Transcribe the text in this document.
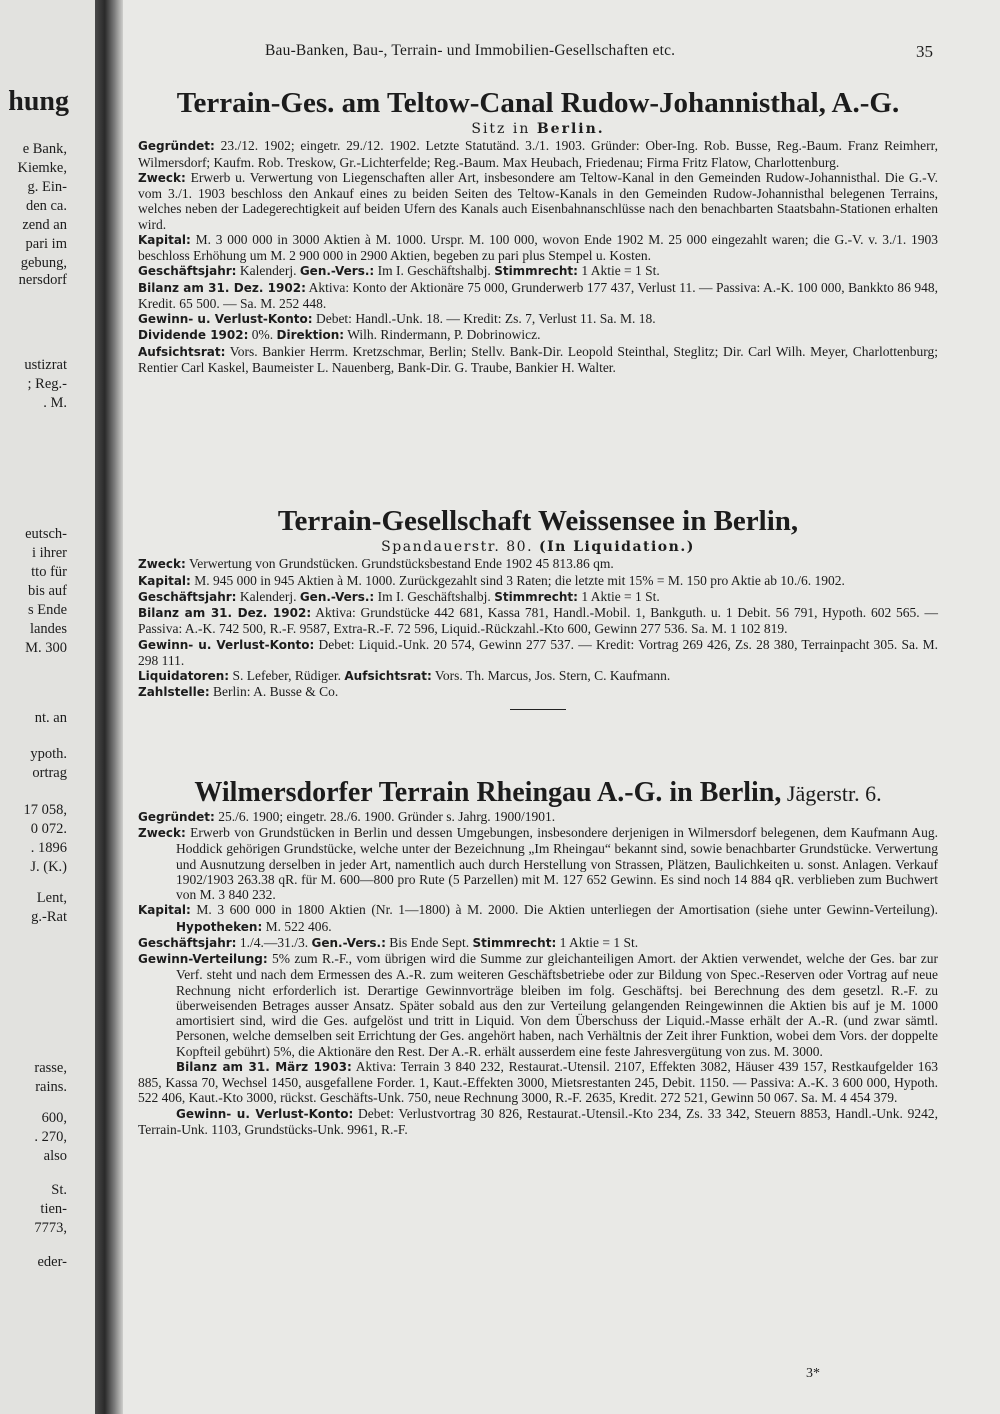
hung
e Bank,
Kiemke,
g. Ein-
den ca.
zend an
pari im
gebung,
nersdorf
ustizrat
; Reg.-
. M.
eutsch-
i ihrer
tto für
bis auf
s Ende
landes
M. 300
nt. an
ypoth.
ortrag
17 058,
0 072.
. 1896
J. (K.)
Lent,
g.-Rat
rasse,
rains.
600,
. 270,
also
St.
tien-
7773,
eder-
Bau-Banken, Bau-, Terrain- und Immobilien-Gesellschaften etc.	35
Terrain-Ges. am Teltow-Canal Rudow-Johannisthal, A.-G.
Sitz in Berlin.

Gegründet: 23./12. 1902; eingetr. 29./12. 1902. Letzte Statutänd. 3./1. 1903. Gründer: Ober-Ing. Rob. Busse, Reg.-Baum. Franz Reimherr, Wilmersdorf; Kaufm. Rob. Treskow, Gr.-Lichterfelde; Reg.-Baum. Max Heubach, Friedenau; Firma Fritz Flatow, Charlottenburg.

Zweck: Erwerb u. Verwertung von Liegenschaften aller Art, insbesondere am Teltow-Kanal in den Gemeinden Rudow-Johannisthal. Die G.-V. vom 3./1. 1903 beschloss den Ankauf eines zu beiden Seiten des Teltow-Kanals in den Gemeinden Rudow-Johannisthal belegenen Terrains, welches neben der Ladegerechtigkeit auf beiden Ufern des Kanals auch Eisenbahnanschlüsse nach den benachbarten Staatsbahn-Stationen erhalten wird.

Kapital: M. 3 000 000 in 3000 Aktien à M. 1000. Urspr. M. 100 000, wovon Ende 1902 M. 25 000 eingezahlt waren; die G.-V. v. 3./1. 1903 beschloss Erhöhung um M. 2 900 000 in 2900 Aktien, begeben zu pari plus Stempel u. Kosten.

Geschäftsjahr: Kalenderj. Gen.-Vers.: Im I. Geschäftshalbj. Stimmrecht: 1 Aktie = 1 St.

Bilanz am 31. Dez. 1902: Aktiva: Konto der Aktionäre 75 000, Grunderwerb 177 437, Verlust 11. — Passiva: A.-K. 100 000, Bankkto 86 948, Kredit. 65 500. — Sa. M. 252 448.

Gewinn- u. Verlust-Konto: Debet: Handl.-Unk. 18. — Kredit: Zs. 7, Verlust 11. Sa. M. 18.

Dividende 1902: 0%. Direktion: Wilh. Rindermann, P. Dobrinowicz.

Aufsichtsrat: Vors. Bankier Herrm. Kretzschmar, Berlin; Stellv. Bank-Dir. Leopold Steinthal, Steglitz; Dir. Carl Wilh. Meyer, Charlottenburg; Rentier Carl Kaskel, Baumeister L. Nauenberg, Bank-Dir. G. Traube, Bankier H. Walter.

Terrain-Gesellschaft Weissensee in Berlin,
Spandauerstr. 80. (In Liquidation.)

Zweck: Verwertung von Grundstücken. Grundstücksbestand Ende 1902 45 813.86 qm.

Kapital: M. 945 000 in 945 Aktien à M. 1000. Zurückgezahlt sind 3 Raten; die letzte mit 15% = M. 150 pro Aktie ab 10./6. 1902.

Geschäftsjahr: Kalenderj. Gen.-Vers.: Im I. Geschäftshalbj. Stimmrecht: 1 Aktie = 1 St.

Bilanz am 31. Dez. 1902: Aktiva: Grundstücke 442 681, Kassa 781, Handl.-Mobil. 1, Bankguth. u. 1 Debit. 56 791, Hypoth. 602 565. — Passiva: A.-K. 742 500, R.-F. 9587, Extra-R.-F. 72 596, Liquid.-Rückzahl.-Kto 600, Gewinn 277 536. Sa. M. 1 102 819.

Gewinn- u. Verlust-Konto: Debet: Liquid.-Unk. 20 574, Gewinn 277 537. — Kredit: Vortrag 269 426, Zs. 28 380, Terrainpacht 305. Sa. M. 298 111.

Liquidatoren: S. Lefeber, Rüdiger. Aufsichtsrat: Vors. Th. Marcus, Jos. Stern, C. Kaufmann.

Zahlstelle: Berlin: A. Busse & Co.

Wilmersdorfer Terrain Rheingau A.-G. in Berlin, Jägerstr. 6.

Gegründet: 25./6. 1900; eingetr. 28./6. 1900. Gründer s. Jahrg. 1900/1901.

Zweck: Erwerb von Grundstücken in Berlin und dessen Umgebungen, insbesondere derjenigen in Wilmersdorf belegenen, dem Kaufmann Aug. Hoddick gehörigen Grundstücke, welche unter der Bezeichnung „Im Rheingau“ bekannt sind, sowie benachbarter Grundstücke. Verwertung und Ausnutzung derselben in jeder Art, namentlich auch durch Herstellung von Strassen, Plätzen, Baulichkeiten u. sonst. Anlagen. Verkauf 1902/1903 263.38 qR. für M. 600—800 pro Rute (5 Parzellen) mit M. 127 652 Gewinn. Es sind noch 14 884 qR. verblieben zum Buchwert von M. 3 840 232.

Kapital: M. 3 600 000 in 1800 Aktien (Nr. 1—1800) à M. 2000. Die Aktien unterliegen der Amortisation (siehe unter Gewinn-Verteilung). Hypotheken: M. 522 406.

Geschäftsjahr: 1./4.—31./3. Gen.-Vers.: Bis Ende Sept. Stimmrecht: 1 Aktie = 1 St.

Gewinn-Verteilung: 5% zum R.-F., vom übrigen wird die Summe zur gleichanteiligen Amort. der Aktien verwendet, welche der Ges. bar zur Verf. steht und nach dem Ermessen des A.-R. zum weiteren Geschäftsbetriebe oder zur Bildung von Spec.-Reserven oder Vortrag auf neue Rechnung nicht erforderlich ist. Derartige Gewinnvorträge bleiben im folg. Geschäftsj. bei Berechnung des dem gesetzl. R.-F. zu überweisenden Betrages ausser Ansatz. Später sobald aus den zur Verteilung gelangenden Reingewinnen die Aktien bis auf je M. 1000 amortisiert sind, wird die Ges. aufgelöst und tritt in Liquid. Von dem Überschuss der Liquid.-Masse erhält der A.-R. (und zwar sämtl. Personen, welche demselben seit Errichtung der Ges. angehört haben, nach Verhältnis der Zeit ihrer Funktion, wobei dem Vors. der doppelte Kopfteil gebührt) 5%, die Aktionäre den Rest. Der A.-R. erhält ausserdem eine feste Jahresvergütung von zus. M. 3000.

Bilanz am 31. März 1903: Aktiva: Terrain 3 840 232, Restaurat.-Utensil. 2107, Effekten 3082, Häuser 439 157, Restkaufgelder 163 885, Kassa 70, Wechsel 1450, ausgefallene Forder. 1, Kaut.-Effekten 3000, Mietsrestanten 245, Debit. 1150. — Passiva: A.-K. 3 600 000, Hypoth. 522 406, Kaut.-Kto 3000, rückst. Geschäfts-Unk. 750, neue Rechnung 3000, R.-F. 2635, Kredit. 272 521, Gewinn 50 067. Sa. M. 4 454 379.

Gewinn- u. Verlust-Konto: Debet: Verlustvortrag 30 826, Restaurat.-Utensil.-Kto 234, Zs. 33 342, Steuern 8853, Handl.-Unk. 9242, Terrain-Unk. 1103, Grundstücks-Unk. 9961, R.-F.

3*
